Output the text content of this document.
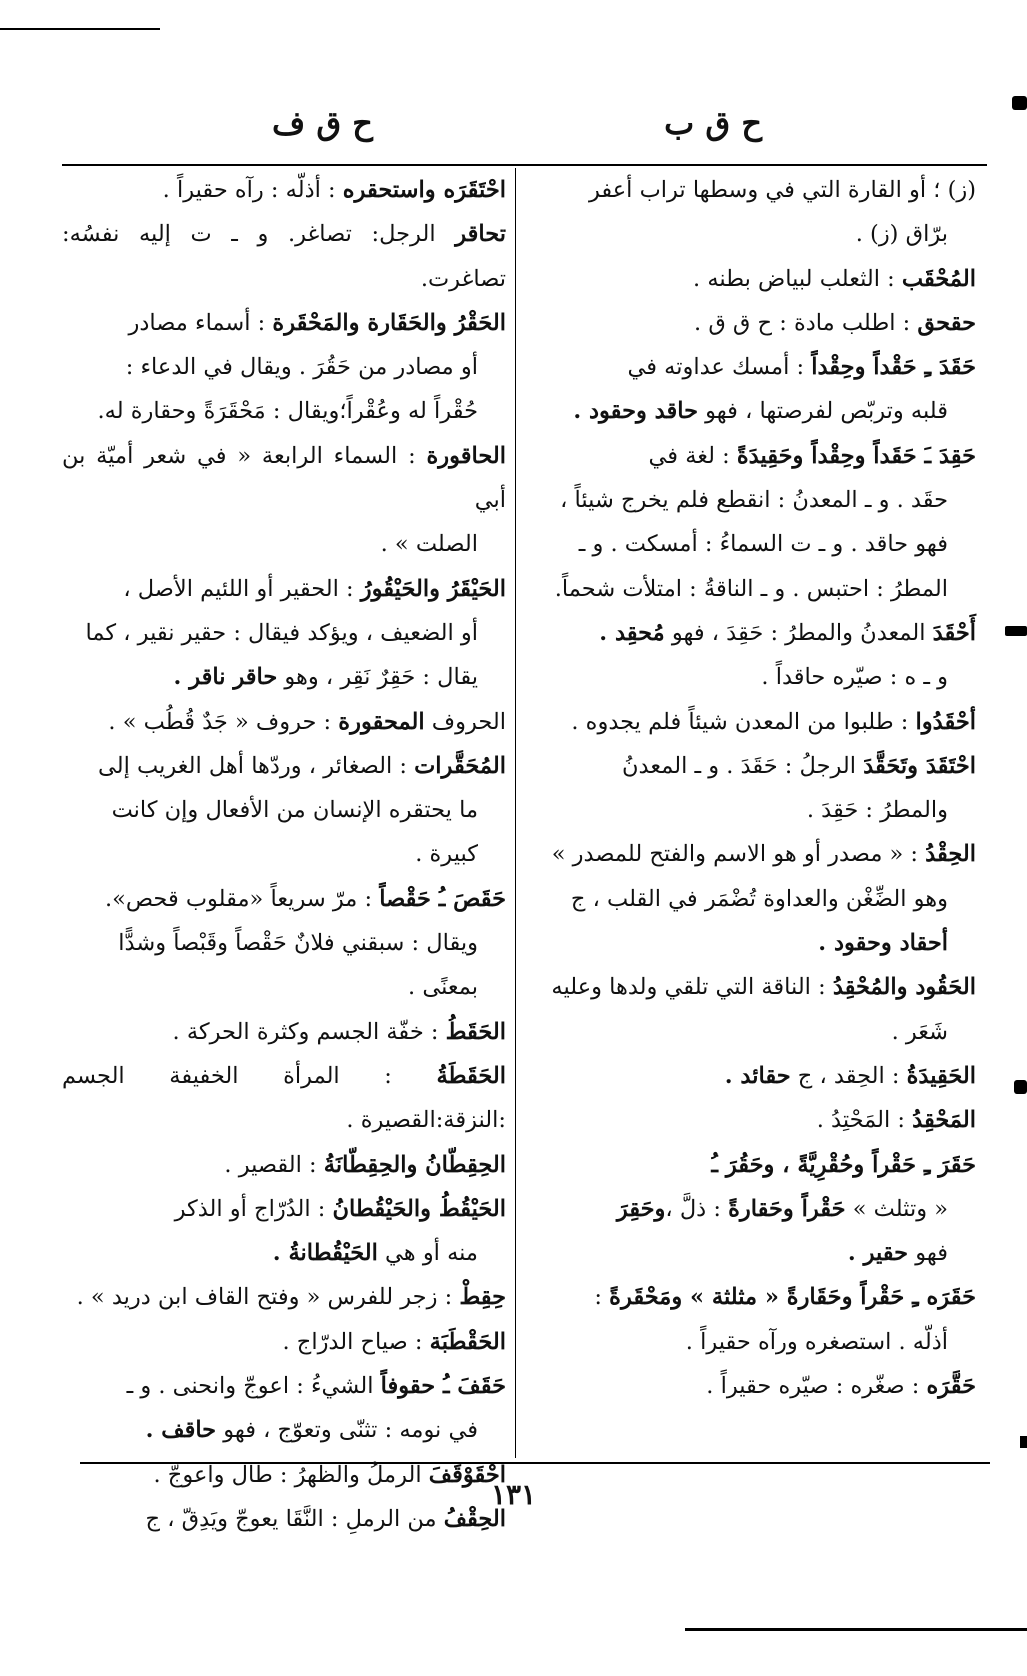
ح ق ب
ح ق ف

(ز) ؛ أو القارة التي في وسطها تراب أعفر

برّاق (ز) .

المُحْقَب : الثعلب لبياض بطنه .

حقحق : اطلب مادة : ح ق ق .

حَقَدَ ـِ حَقْداً وحِقْداً : أمسك عداوته في

قلبه وتربّص لفرصتها ، فهو حاقد وحقود .

حَقِدَ ـَ حَقَداً وحِقْداً وحَقِيدَةً : لغة في

حقَد . و ـ المعدنُ : انقطع فلم يخرج شيئاً ،

فهو حاقد . و ـ ت السماءُ : أمسكت . و ـ

المطرُ : احتبس . و ـ الناقةُ : امتلأت شحماً.

أَحْقَدَ المعدنُ والمطرُ : حَقِدَ ، فهو مُحقِد .

و ـ ه : صيّره حاقداً .

أحْقَدُوا : طلبوا من المعدن شيئاً فلم يجدوه .

احْتَقَدَ وتَحَقَّدَ الرجلُ : حَقَدَ . و ـ المعدنُ

والمطرُ : حَقِدَ .

الحِقْدُ : « مصدر أو هو الاسم والفتح للمصدر »

وهو الضِّغْن والعداوة تُضْمَر في القلب ، ج

أحقاد وحقود .

الحَقُود والمُحْقِدُ : الناقة التي تلقي ولدها وعليه

شَعَر .

الحَقِيدَةُ : الحِقد ، ج حقائد .

المَحْقِدُ : المَحْتِدُ .

حَقَرَ ـِ حَقْراً وحُقْرِيَّةً ، وحَقُرَ ـُ

« وتثلث » حَقْراً وحَقارةً : ذلَّ ،وحَقِرَ

فهو حقير .

حَقَرَه ـِ حَقْراً وحَقَارةً « مثلثة » ومَحْقَرةً :

أذلّه . استصغره ورآه حقيراً .

حَقَّرَه : صغّره : صيّره حقيراً .

احْتَقَرَه واستحقره : أذلّه : رآه حقيراً .

تحاقر الرجل: تصاغر. و ـ ت إليه نفسُه: تصاغرت.

الحَقْرُ والحَقَارة والمَحْقَرة : أسماء مصادر

أو مصادر من حَقُرَ . ويقال في الدعاء :

حُقْراً له وعُقْراً؛ويقال : مَحْقَرَةً وحقارة له.

الحاقورة : السماء الرابعة « في شعر أميّة بن أبي

الصلت » .

الحَيْقَرُ والحَيْقُورُ : الحقير أو اللئيم الأصل ،

أو الضعيف ، ويؤكد فيقال : حقير نقير ، كما

يقال : حَقِرٌ نَقِر ، وهو حاقر ناقر .

الحروف المحقورة : حروف « جَدٌ قُطُب » .

المُحَقَّرات : الصغائر ، وردّها أهل الغريب إلى

ما يحتقره الإنسان من الأفعال وإن كانت

كبيرة .

حَقَصَ ـُ حَقْصاً : مرّ سريعاً «مقلوب قحص».

ويقال : سبقني فلانٌ حَقْصاً وقَبْصاً وشدًّا

بمعنًى .

الحَقَطُ : خفّة الجسم وكثرة الحركة .

الحَقَطَةُ : المرأة الخفيفة الجسم :النزقة:القصيرة .

الحِقِطّانُ والحِقِطّانَةُ : القصير .

الحَيْقُطُ والحَيْقُطانُ : الدُرّاج أو الذكر

منه أو هي الحَيْقُطانةُ .

حِقِطْ : زجر للفرس « وفتح القاف ابن دريد » .

الحَقْطَبَة : صياح الدرّاج .

حَقَفَ ـُ حقوفاً الشيءُ : اعوجّ وانحنى . و ـ

في نومه : تثنّى وتعوّج ، فهو حاقف .

احْقَوْقَفَ الرملُ والظهرُ : طال واعوجّ .

الحِقْفُ من الرملِ : النَّقَا يعوجّ ويَدِقّ ، ج

١٣١
